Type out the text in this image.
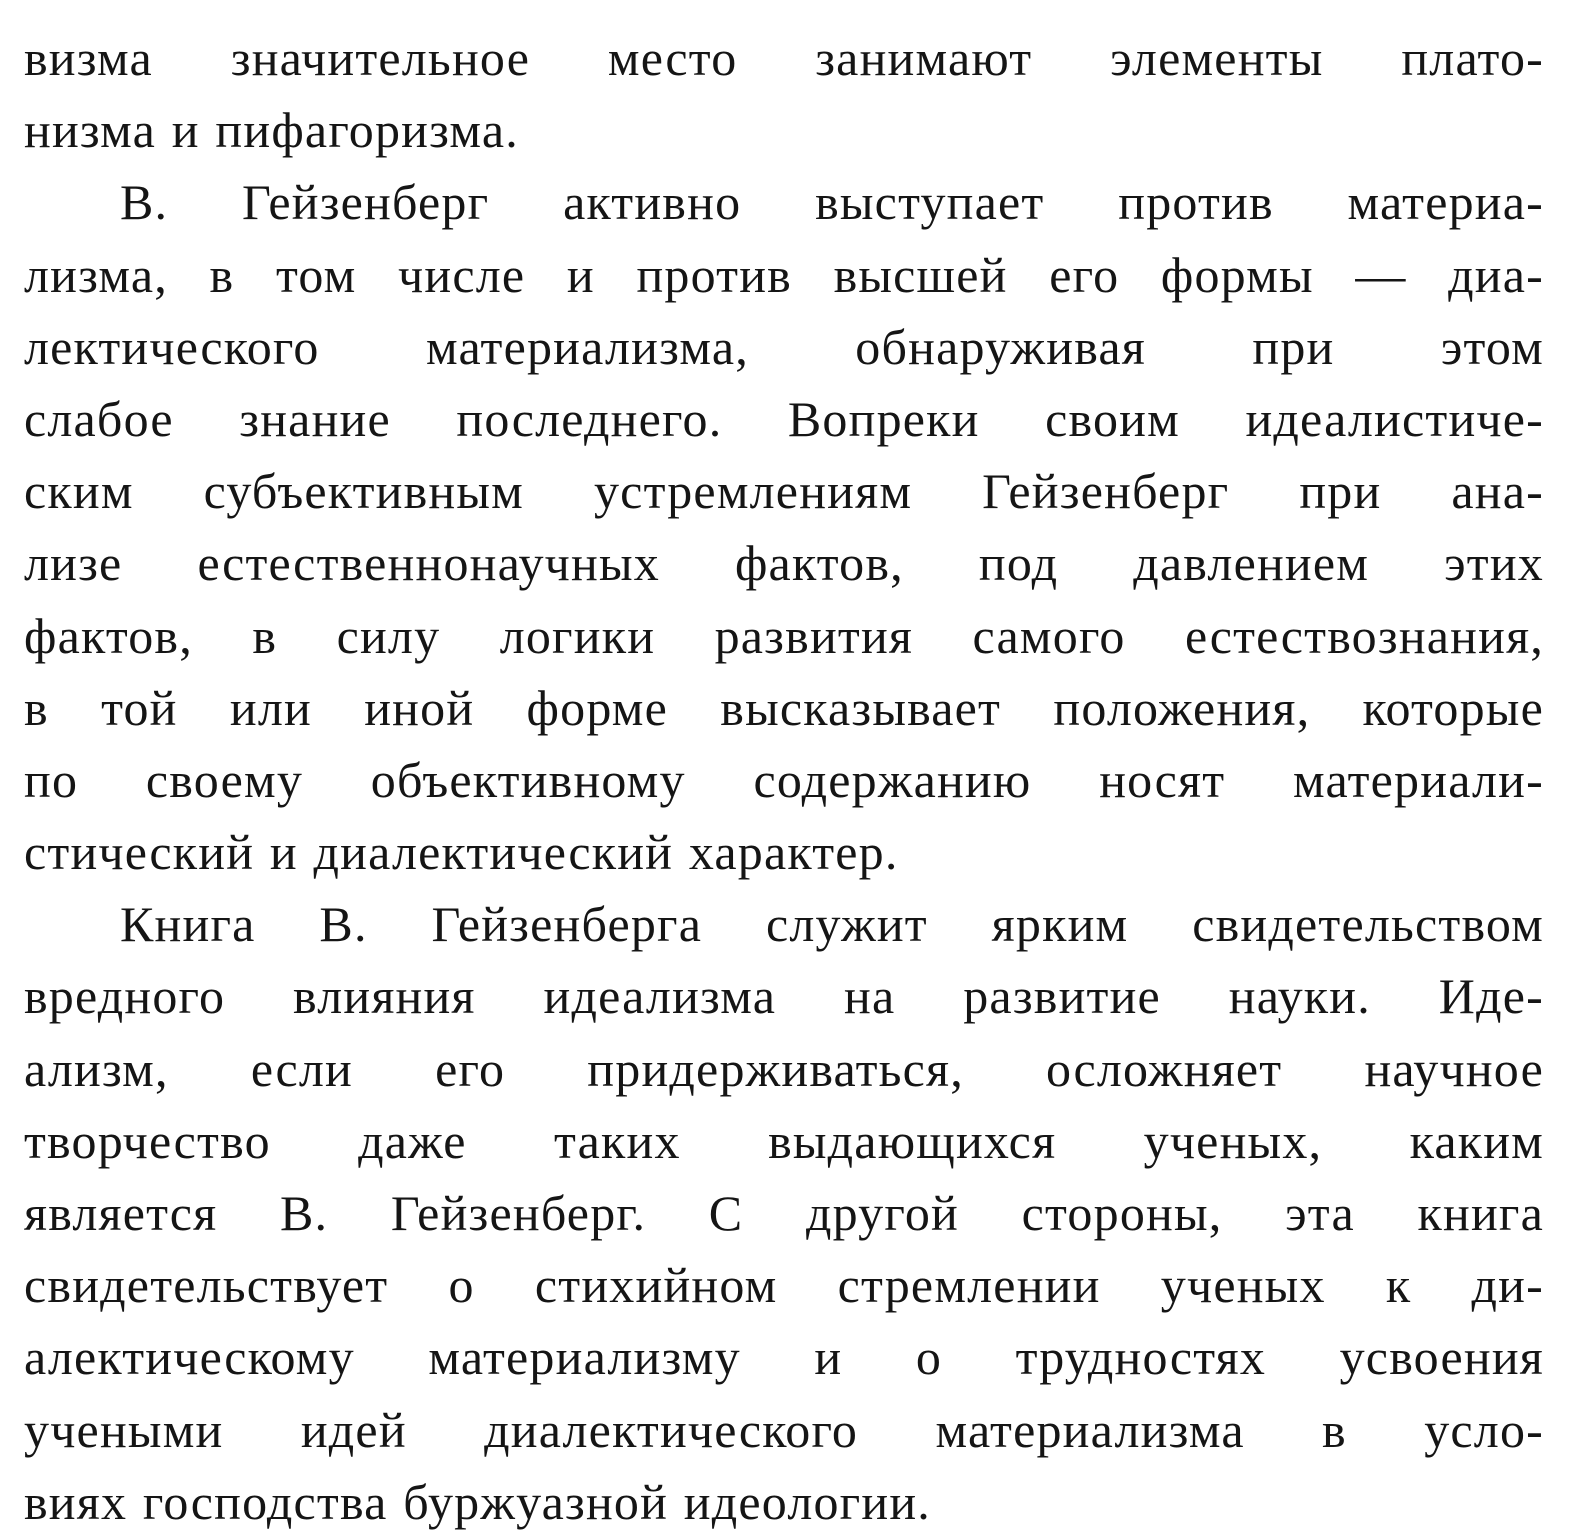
визма значительное место занимают элементы плато-
низма и пифагоризма.
В. Гейзенберг активно выступает против материа-
лизма, в том числе и против высшей его формы — диа-
лектического материализма, обнаруживая при этом
слабое знание последнего. Вопреки своим идеалистиче-
ским субъективным устремлениям Гейзенберг при ана-
лизе естественнонаучных фактов, под давлением этих
фактов, в силу логики развития самого естествознания,
в той или иной форме высказывает положения, которые
по своему объективному содержанию носят материали-
стический и диалектический характер.
Книга В. Гейзенберга служит ярким свидетельством
вредного влияния идеализма на развитие науки. Иде-
ализм, если его придерживаться, осложняет научное
творчество даже таких выдающихся ученых, каким
является В. Гейзенберг. С другой стороны, эта книга
свидетельствует о стихийном стремлении ученых к ди-
алектическому материализму и о трудностях усвоения
учеными идей диалектического материализма в усло-
виях господства буржуазной идеологии.
